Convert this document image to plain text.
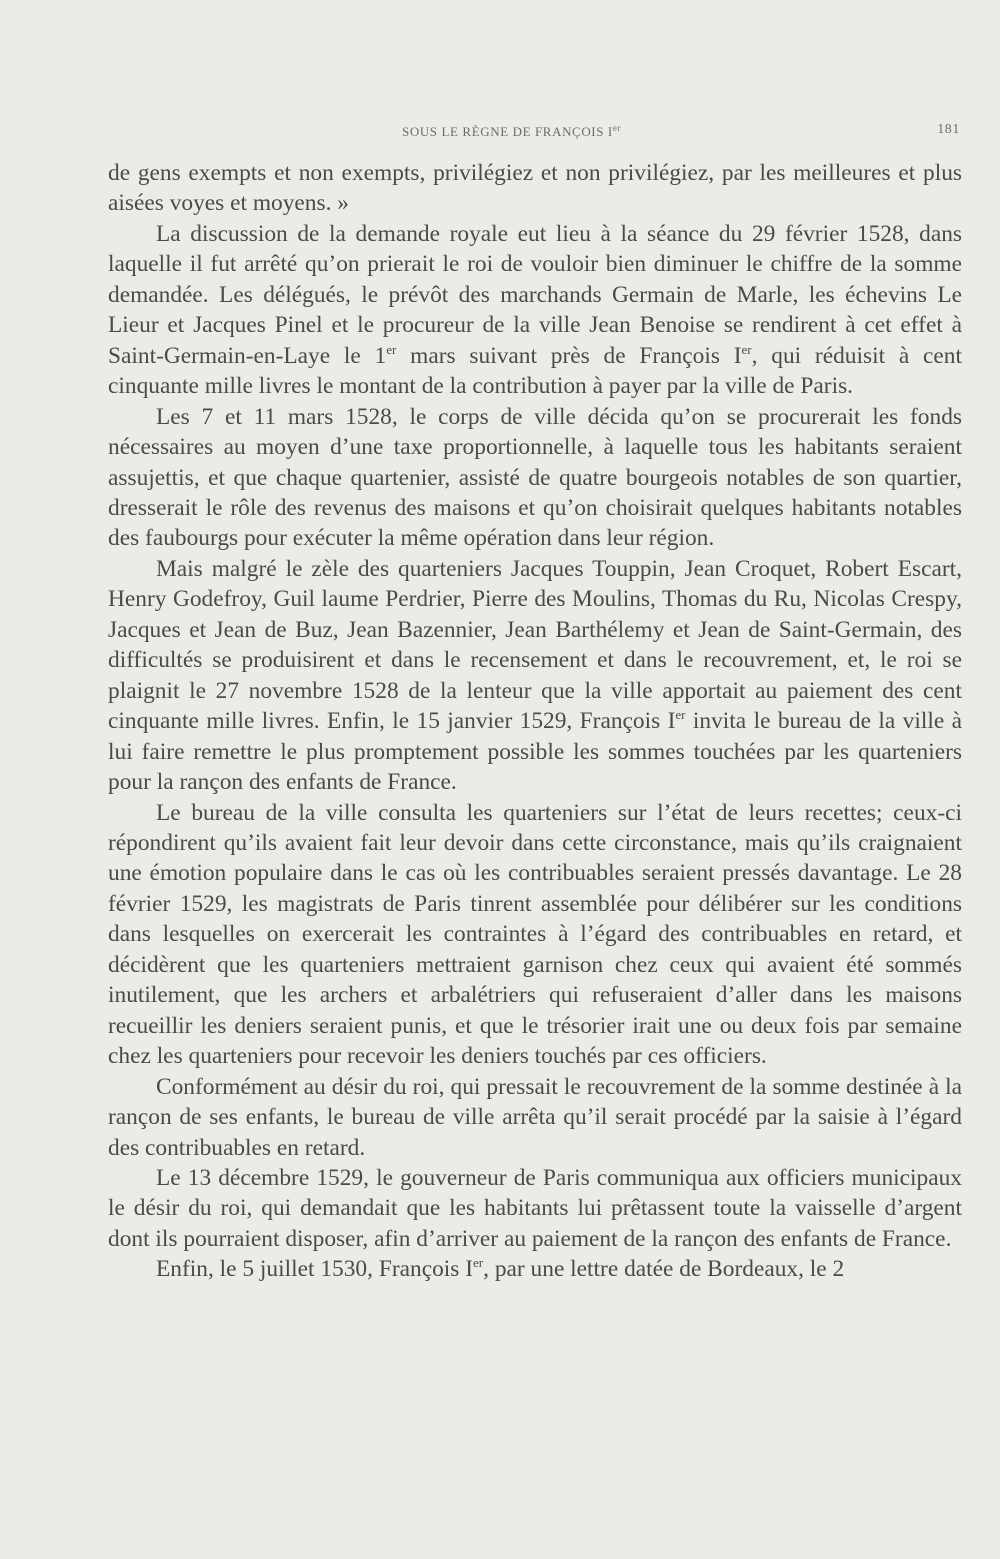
SOUS LE RÈGNE DE FRANÇOIS Ier	181

de gens exempts et non exempts, privilégiez et non privilégiez, par les meilleures et plus aisées voyes et moyens. »

La discussion de la demande royale eut lieu à la séance du 29 février 1528, dans laquelle il fut arrêté qu’on prierait le roi de vouloir bien diminuer le chiffre de la somme demandée. Les délégués, le prévôt des marchands Germain de Marle, les échevins Le Lieur et Jacques Pinel et le procureur de la ville Jean Benoise se rendirent à cet effet à Saint-Germain-en-Laye le 1er mars suivant près de François Ier, qui réduisit à cent cinquante mille livres le montant de la contribution à payer par la ville de Paris.

Les 7 et 11 mars 1528, le corps de ville décida qu’on se procurerait les fonds nécessaires au moyen d’une taxe proportionnelle, à laquelle tous les habitants seraient assujettis, et que chaque quartenier, assisté de quatre bourgeois notables de son quartier, dresserait le rôle des revenus des maisons et qu’on choisirait quelques habitants notables des faubourgs pour exécuter la même opération dans leur région.

Mais malgré le zèle des quarteniers Jacques Touppin, Jean Croquet, Robert Escart, Henry Godefroy, Guil laume Perdrier, Pierre des Moulins, Thomas du Ru, Nicolas Crespy, Jacques et Jean de Buz, Jean Bazennier, Jean Barthélemy et Jean de Saint-Germain, des difficultés se produisirent et dans le recensement et dans le recouvrement, et, le roi se plaignit le 27 novembre 1528 de la lenteur que la ville apportait au paiement des cent cinquante mille livres. Enfin, le 15 janvier 1529, François Ier invita le bureau de la ville à lui faire remettre le plus promptement possible les sommes touchées par les quarteniers pour la rançon des enfants de France.

Le bureau de la ville consulta les quarteniers sur l’état de leurs recettes; ceux-ci répondirent qu’ils avaient fait leur devoir dans cette circonstance, mais qu’ils craignaient une émotion populaire dans le cas où les contribuables seraient pressés davantage. Le 28 février 1529, les magistrats de Paris tinrent assemblée pour délibérer sur les conditions dans lesquelles on exercerait les contraintes à l’égard des contribuables en retard, et décidèrent que les quarteniers mettraient garnison chez ceux qui avaient été sommés inutilement, que les archers et arbalétriers qui refuseraient d’aller dans les maisons recueillir les deniers seraient punis, et que le trésorier irait une ou deux fois par semaine chez les quarteniers pour recevoir les deniers touchés par ces officiers.

Conformément au désir du roi, qui pressait le recouvrement de la somme destinée à la rançon de ses enfants, le bureau de ville arrêta qu’il serait procédé par la saisie à l’égard des contribuables en retard.

Le 13 décembre 1529, le gouverneur de Paris communiqua aux officiers municipaux le désir du roi, qui demandait que les habitants lui prêtassent toute la vaisselle d’argent dont ils pourraient disposer, afin d’arriver au paiement de la rançon des enfants de France.

Enfin, le 5 juillet 1530, François Ier, par une lettre datée de Bordeaux, le 2
